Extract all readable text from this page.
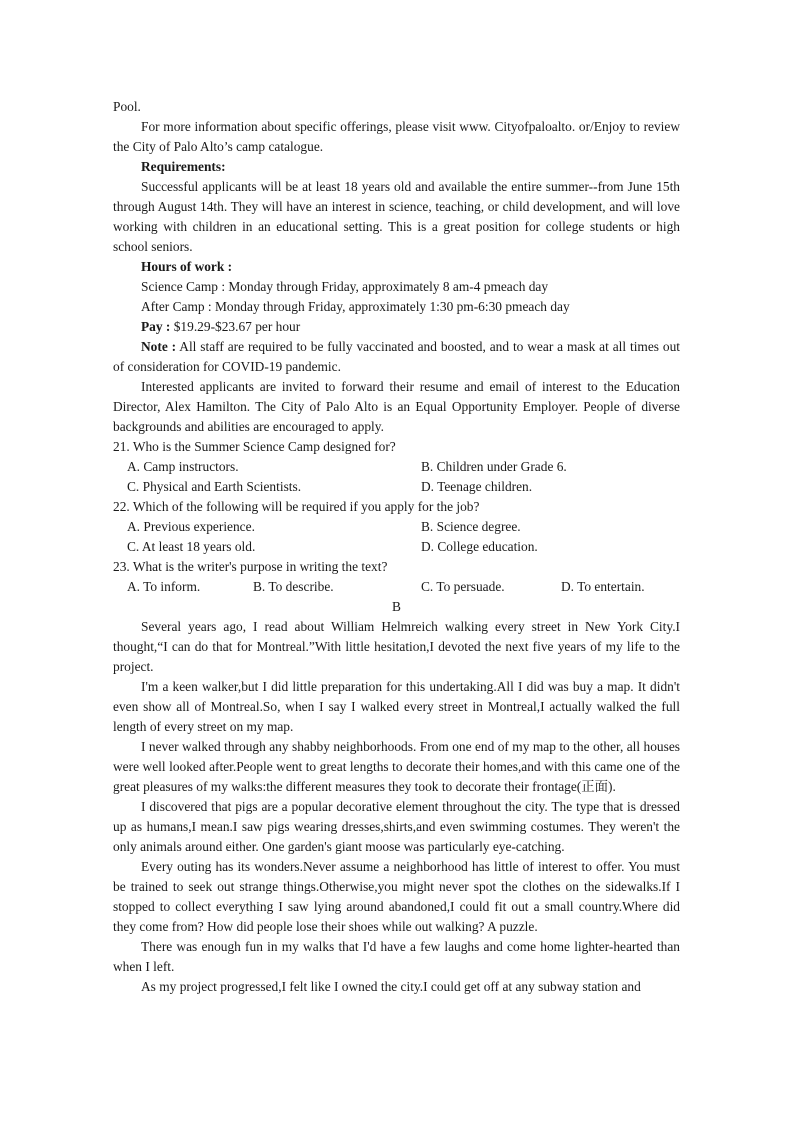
Pool.
For more information about specific offerings, please visit www. Cityofpaloalto. or/Enjoy to review the City of Palo Alto’s camp catalogue.
Requirements:
Successful applicants will be at least 18 years old and available the entire summer--from June 15th through August 14th. They will have an interest in science, teaching, or child development, and will love working with children in an educational setting. This is a great position for college students or high school seniors.
Hours of work :
Science Camp : Monday through Friday, approximately 8 am-4 pmeach day
After Camp : Monday through Friday, approximately 1:30 pm-6:30 pmeach day
Pay : $19.29-$23.67 per hour
Note : All staff are required to be fully vaccinated and boosted, and to wear a mask at all times out of consideration for COVID-19 pandemic.
Interested applicants are invited to forward their resume and email of interest to the Education Director, Alex Hamilton. The City of Palo Alto is an Equal Opportunity Employer. People of diverse backgrounds and abilities are encouraged to apply.
21. Who is the Summer Science Camp designed for?
A. Camp instructors.	B. Children under Grade 6.
C. Physical and Earth Scientists.	D. Teenage children.
22. Which of the following will be required if you apply for the job?
A. Previous experience.	B. Science degree.
C. At least 18 years old.	D. College education.
23. What is the writer's purpose in writing the text?
A. To inform.	B. To describe.	C. To persuade.	D. To entertain.
B
Several years ago, I read about William Helmreich walking every street in New York City.I thought,“I can do that for Montreal.”With little hesitation,I devoted the next five years of my life to the project.
I'm a keen walker,but I did little preparation for this undertaking.All I did was buy a map. It didn't even show all of Montreal.So, when I say I walked every street in Montreal,I actually walked the full length of every street on my map.
I never walked through any shabby neighborhoods. From one end of my map to the other, all houses were well looked after.People went to great lengths to decorate their homes,and with this came one of the great pleasures of my walks:the different measures they took to decorate their frontage(正面).
I discovered that pigs are a popular decorative element throughout the city. The type that is dressed up as humans,I mean.I saw pigs wearing dresses,shirts,and even swimming costumes. They weren't the only animals around either. One garden's giant moose was particularly eye-catching.
Every outing has its wonders.Never assume a neighborhood has little of interest to offer. You must be trained to seek out strange things.Otherwise,you might never spot the clothes on the sidewalks.If I stopped to collect everything I saw lying around abandoned,I could fit out a small country.Where did they come from? How did people lose their shoes while out walking? A puzzle.
There was enough fun in my walks that I'd have a few laughs and come home lighter-hearted than when I left.
As my project progressed,I felt like I owned the city.I could get off at any subway station and
